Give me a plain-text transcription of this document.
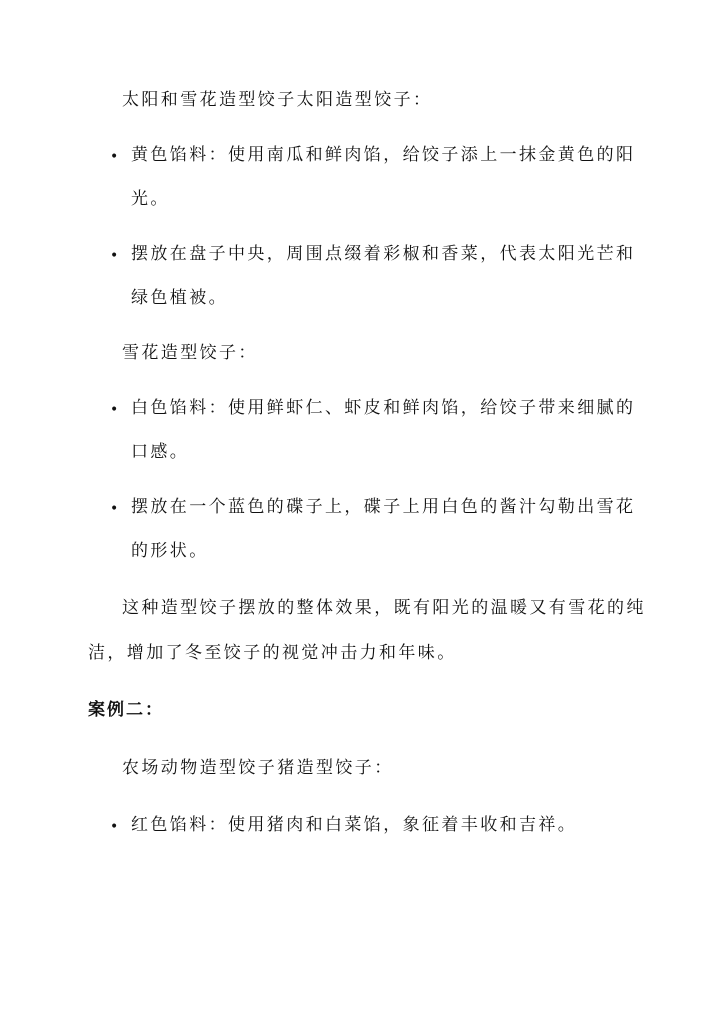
太阳和雪花造型饺子太阳造型饺子：
• 黄色馅料：使用南瓜和鲜肉馅，给饺子添上一抹金黄色的阳
光。
• 摆放在盘子中央，周围点缀着彩椒和香菜，代表太阳光芒和
绿色植被。
雪花造型饺子：
• 白色馅料：使用鲜虾仁、虾皮和鲜肉馅，给饺子带来细腻的
口感。
• 摆放在一个蓝色的碟子上，碟子上用白色的酱汁勾勒出雪花
的形状。
这种造型饺子摆放的整体效果，既有阳光的温暖又有雪花的纯
洁，增加了冬至饺子的视觉冲击力和年味。
案例二：
农场动物造型饺子猪造型饺子：
• 红色馅料：使用猪肉和白菜馅，象征着丰收和吉祥。
